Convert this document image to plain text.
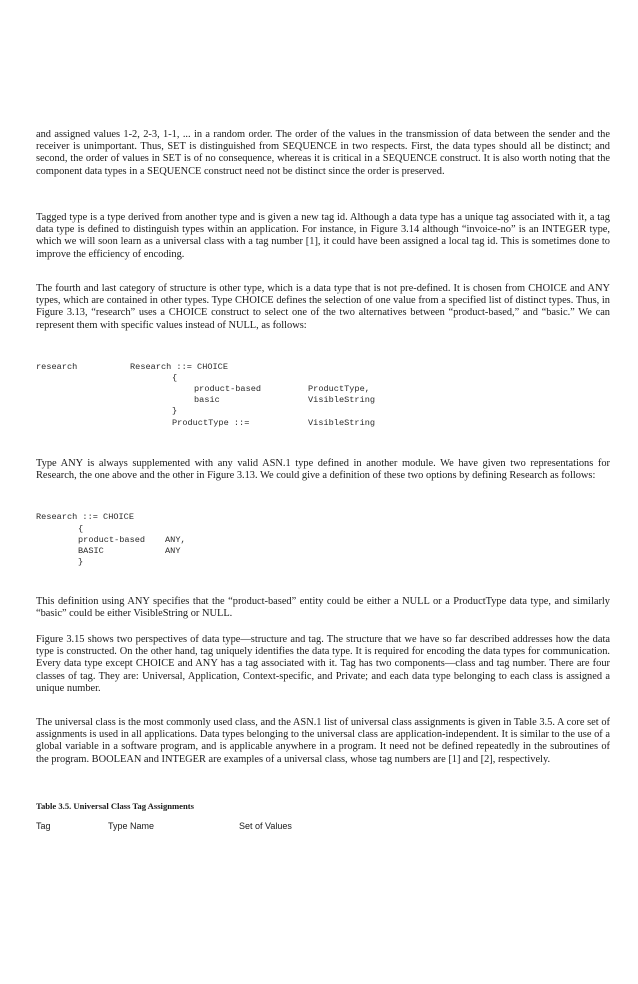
and assigned values 1-2, 2-3, 1-1, ... in a random order. The order of the values in the transmission of data between the sender and the receiver is unimportant. Thus, SET is distinguished from SEQUENCE in two respects. First, the data types should all be distinct; and second, the order of values in SET is of no consequence, whereas it is critical in a SEQUENCE construct. It is also worth noting that the component data types in a SEQUENCE construct need not be distinct since the order is preserved.

Tagged type is a type derived from another type and is given a new tag id. Although a data type has a unique tag associated with it, a tag data type is defined to distinguish types within an application. For instance, in Figure 3.14 although “invoice-no” is an INTEGER type, which we will soon learn as a universal class with a tag number [1], it could have been assigned a local tag id. This is sometimes done to improve the efficiency of encoding.

The fourth and last category of structure is other type, which is a data type that is not pre-defined. It is chosen from CHOICE and ANY types, which are contained in other types. Type CHOICE defines the selection of one value from a specified list of distinct types. Thus, in Figure 3.13, “research” uses a CHOICE construct to select one of the two alternatives between “product-based,” and “basic.” We can represent them with specific values instead of NULL, as follows:

research	Research ::= CHOICE
{
product-based	ProductType,
basic	VisibleString
}
ProductType ::=	VisibleString

Type ANY is always supplemented with any valid ASN.1 type defined in another module. We have given two representations for Research, the one above and the other in Figure 3.13. We could give a definition of these two options by defining Research as follows:

Research ::= CHOICE
{
product-based ANY,
BASIC	ANY
}

This definition using ANY specifies that the “product-based” entity could be either a NULL or a ProductType data type, and similarly “basic” could be either VisibleString or NULL.

Figure 3.15 shows two perspectives of data type—structure and tag. The structure that we have so far described addresses how the data type is constructed. On the other hand, tag uniquely identifies the data type. It is required for encoding the data types for communication. Every data type except CHOICE and ANY has a tag associated with it. Tag has two components—class and tag number. There are four classes of tag. They are: Universal, Application, Context-specific, and Private; and each data type belonging to each class is assigned a unique number.

The universal class is the most commonly used class, and the ASN.1 list of universal class assignments is given in Table 3.5. A core set of assignments is used in all applications. Data types belonging to the universal class are application-independent. It is similar to the use of a global variable in a software program, and is applicable anywhere in a program. It need not be defined repeatedly in the subroutines of the program. BOOLEAN and INTEGER are examples of a universal class, whose tag numbers are [1] and [2], respectively.

Table 3.5. Universal Class Tag Assignments
Tag	Type Name	Set of Values
